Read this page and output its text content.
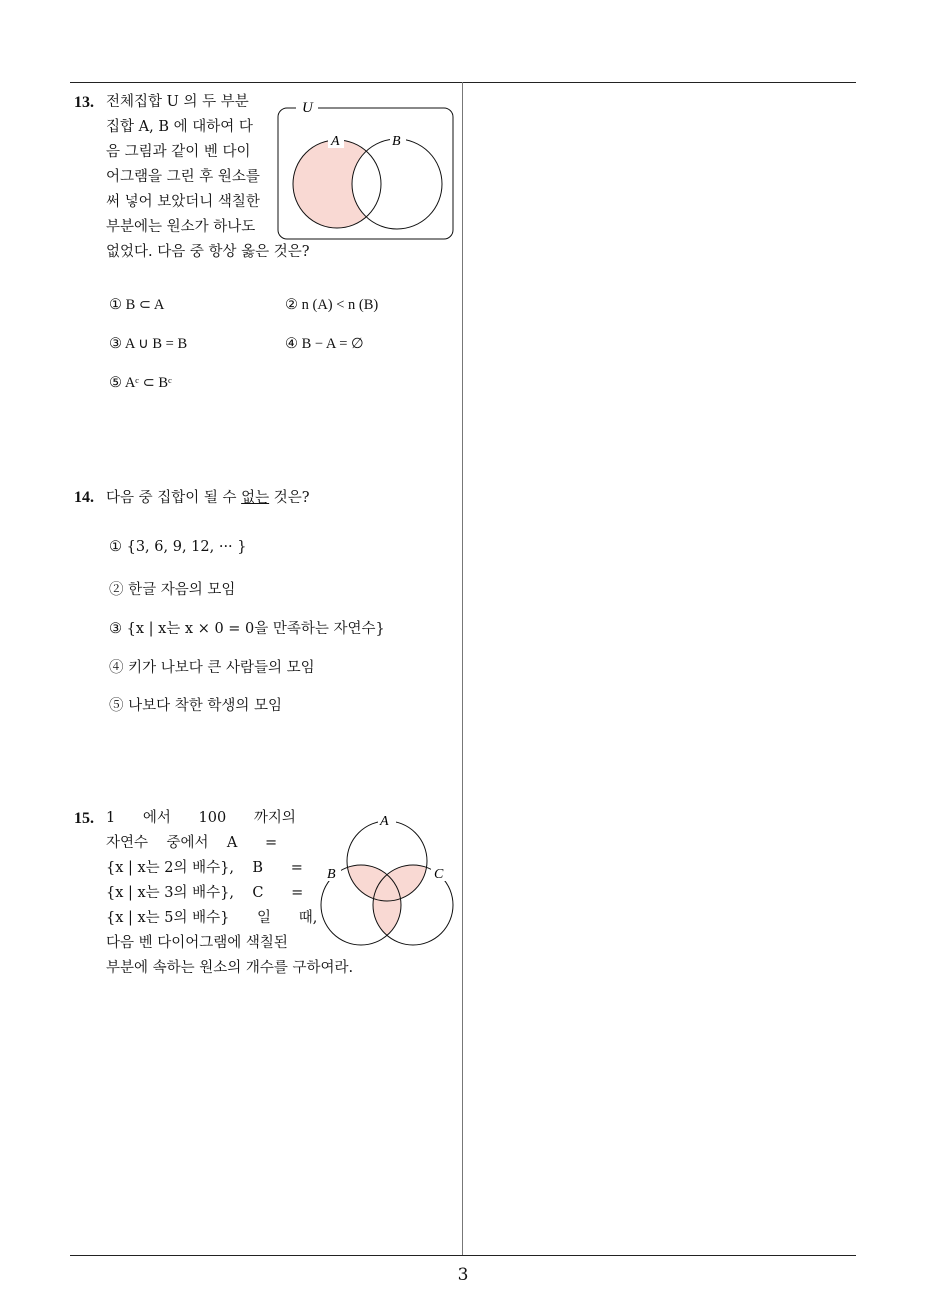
13. 전체집합 U 의 두 부분
집합 A, B 에 대하여 다
음 그림과 같이 벤 다이
어그램을 그린 후 원소를
써 넣어 보았더니 색칠한
부분에는 원소가 하나도
없었다. 다음 중 항상 옳은 것은?
U
A	B
① B ⊂ A	② n (A) < n (B)
③ A ∪ B = B	④ B − A = ∅
⑤ Aᶜ ⊂ Bᶜ
14. 다음 중 집합이 될 수 없는 것은?
① {3, 6, 9, 12, ··· }
② 한글 자음의 모임
③ {x | x는 x × 0 = 0을 만족하는 자연수}
④ 키가 나보다 큰 사람들의 모임
⑤ 나보다 착한 학생의 모임
15. 1      에서      100      까지의
자연수    중에서    A      =
{x | x는 2의 배수},    B      =
{x | x는 3의 배수},    C      =
{x | x는 5의 배수}      일      때,
다음 벤 다이어그램에 색칠된
부분에 속하는 원소의 개수를 구하여라.
A
B	C
3
